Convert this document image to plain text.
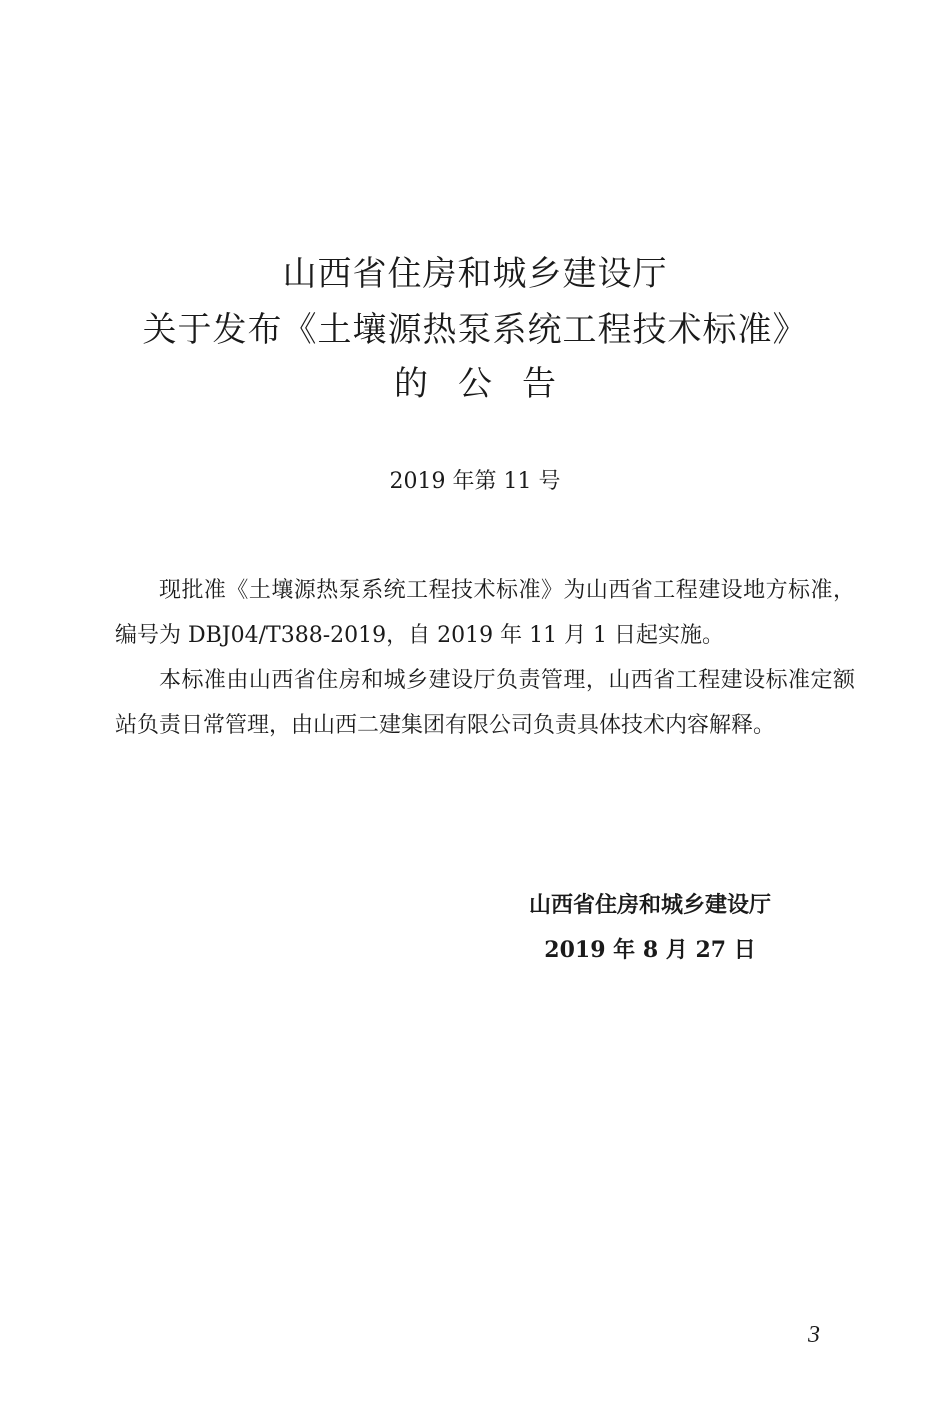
山西省住房和城乡建设厅
关于发布《土壤源热泵系统工程技术标准》
的公告
2019 年第 11 号

现批准《土壤源热泵系统工程技术标准》为山西省工程建设地方标准，编号为 DBJ04/T388-2019，自 2019 年 11 月 1 日起实施。

本标准由山西省住房和城乡建设厅负责管理，山西省工程建设标准定额站负责日常管理，由山西二建集团有限公司负责具体技术内容解释。

山西省住房和城乡建设厅
2019 年 8 月 27 日
3
